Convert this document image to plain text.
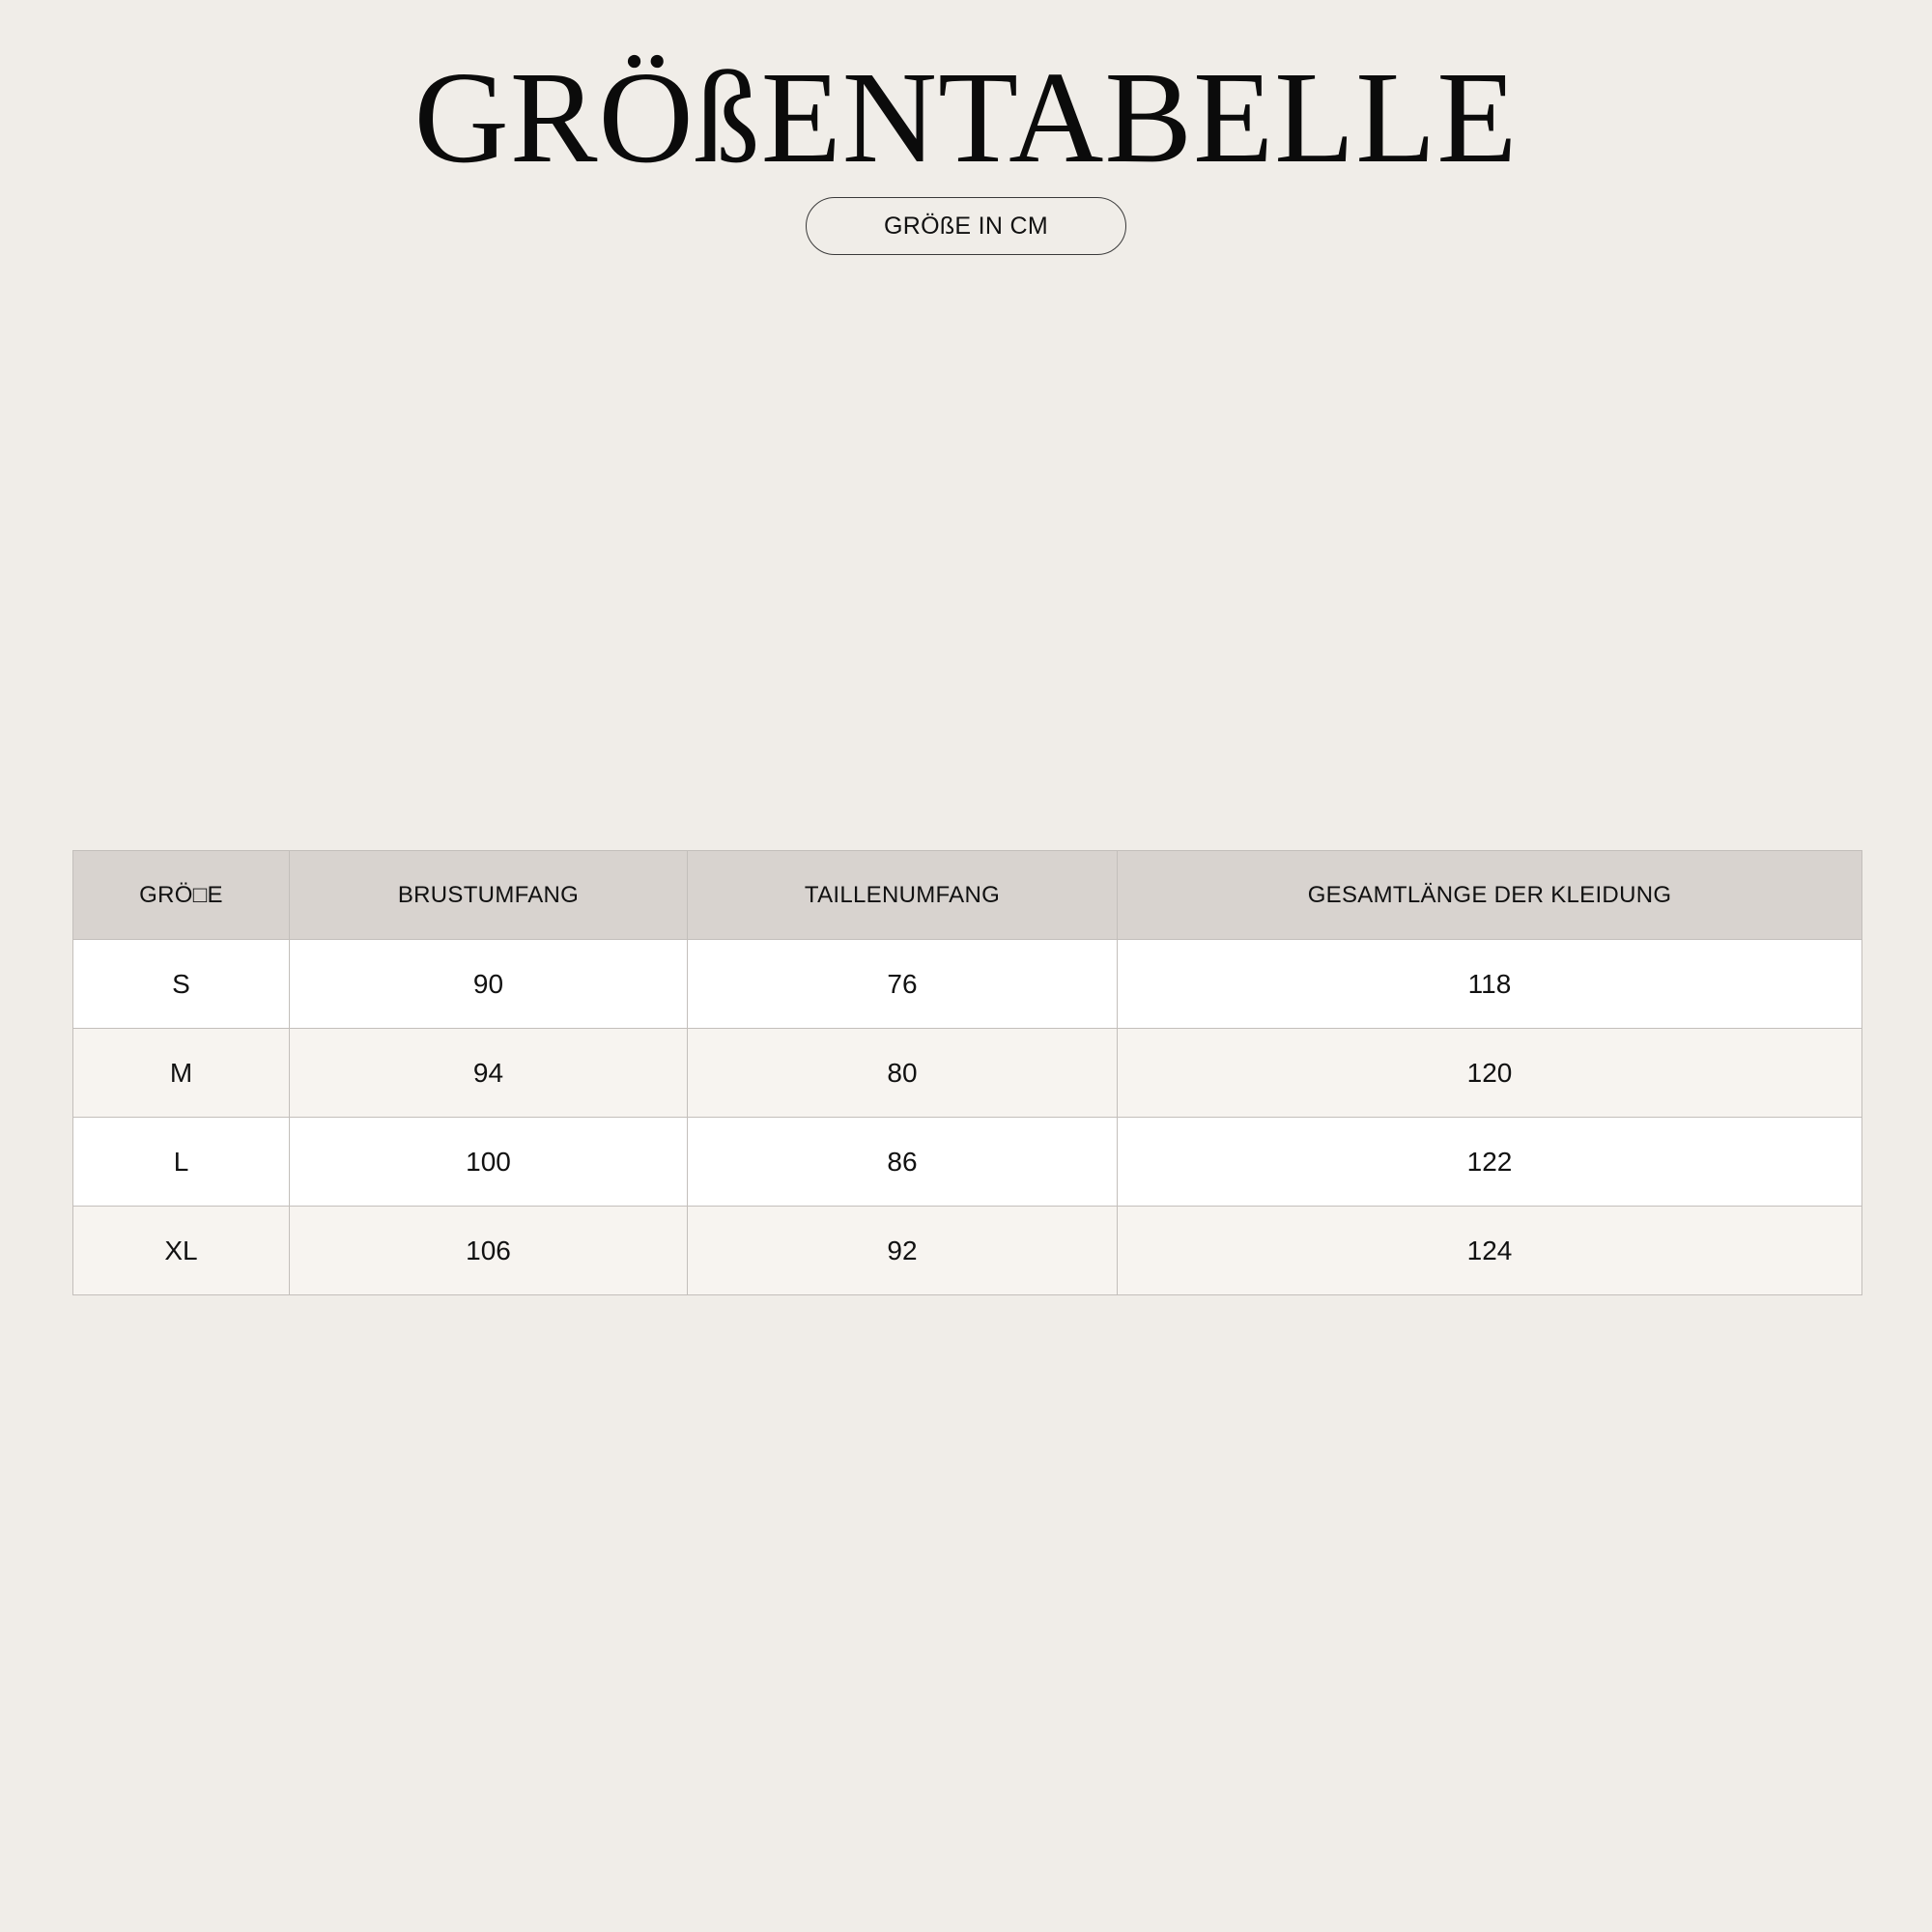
GRÖßENTABELLE
GRÖßE IN CM
GRÖ□E	BRUSTUMFANG	TAILLENUMFANG	GESAMTLÄNGE DER KLEIDUNG
S	90	76	118
M	94	80	120
L	100	86	122
XL	106	92	124
